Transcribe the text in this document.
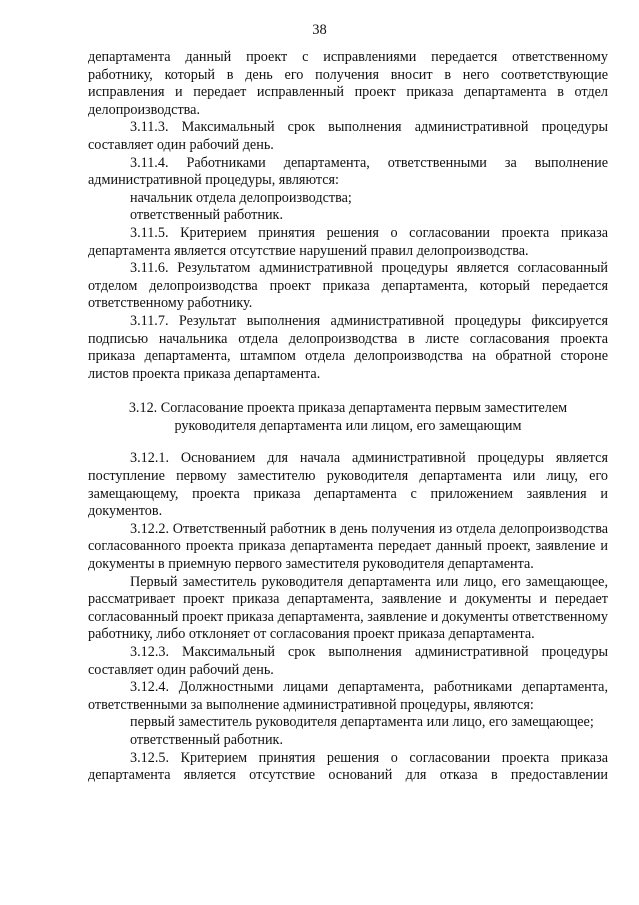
38

департамента данный проект с исправлениями передается ответственному работнику, который в день его получения вносит в него соответствующие исправления и передает исправленный проект приказа департамента в отдел делопроизводства.

3.11.3. Максимальный срок выполнения административной процедуры составляет один рабочий день.

3.11.4. Работниками департамента, ответственными за выполнение административной процедуры, являются:

начальник отдела делопроизводства;

ответственный работник.

3.11.5. Критерием принятия решения о согласовании проекта приказа департамента является отсутствие нарушений правил делопроизводства.

3.11.6. Результатом административной процедуры является согласованный отделом делопроизводства проект приказа департамента, который передается ответственному работнику.

3.11.7. Результат выполнения административной процедуры фиксируется подписью начальника отдела делопроизводства в листе согласования проекта приказа департамента, штампом отдела делопроизводства на обратной стороне листов проекта приказа департамента.

3.12. Согласование проекта приказа департамента первым заместителем
руководителя департамента или лицом, его замещающим

3.12.1. Основанием для начала административной процедуры является поступление первому заместителю руководителя департамента или лицу, его замещающему, проекта приказа департамента с приложением заявления и документов.

3.12.2. Ответственный работник в день получения из отдела делопроизводства согласованного проекта приказа департамента передает данный проект, заявление и документы в приемную первого заместителя руководителя департамента.

Первый заместитель руководителя департамента или лицо, его замещающее, рассматривает проект приказа департамента, заявление и документы и передает согласованный проект приказа департамента, заявление и документы ответственному работнику, либо отклоняет от согласования проект приказа департамента.

3.12.3. Максимальный срок выполнения административной процедуры составляет один рабочий день.

3.12.4. Должностными лицами департамента, работниками департамента, ответственными за выполнение административной процедуры, являются:

первый заместитель руководителя департамента или лицо, его замещающее;

ответственный работник.

3.12.5. Критерием принятия решения о согласовании проекта приказа департамента является отсутствие оснований для отказа в предоставлении
